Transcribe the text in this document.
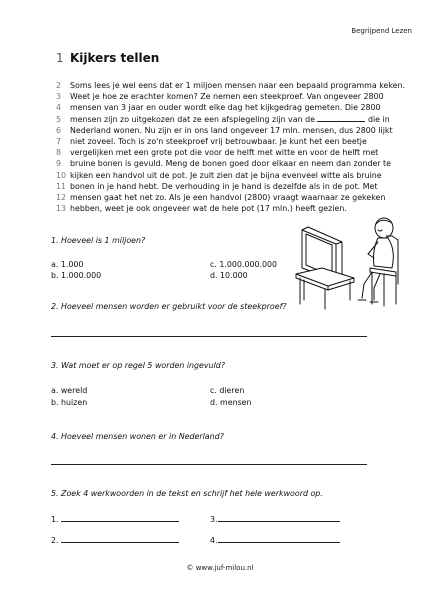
Begrijpend Lezen
1 Kijkers tellen
2	Soms lees je wel eens dat er 1 miljoen mensen naar een bepaald programma keken.
3	Weet je hoe ze erachter komen? Ze nemen een steekproef. Van ongeveer 2800
4	mensen van 3 jaar en ouder wordt elke dag het kijkgedrag gemeten. Die 2800
5	mensen zijn zo uitgekozen dat ze een afspiegeling zijn van de

	die in
6	Nederland wonen. Nu zijn er in ons land ongeveer 17 mln. mensen, dus 2800 lijkt
7	niet zoveel. Toch is zo'n steekproef vrij betrouwbaar. Je kunt het een beetje
8	vergelijken met een grote pot die voor de helft met witte en voor de helft met
9	bruine bonen is gevuld. Meng de bonen goed door elkaar en neem dan zonder te
10 kijken een handvol uit de pot. Je zult zien dat je bijna evenveel witte als bruine
11 bonen in je hand hebt. De verhouding in je hand is dezelfde als in de pot. Met
12 mensen gaat het net zo. Als je een handvol (2800) vraagt waarnaar ze gekeken
13 hebben, weet je ook ongeveer wat de hele pot (17 mln.) heeft gezien.
1. Hoeveel is 1 miljoen?
a. 1.000
b. 1.000.000
c. 1.000.000.000
d. 10.000
2. Hoeveel mensen worden er gebruikt voor de steekproef?
3. Wat moet er op regel 5 worden ingevuld?
a. wereld
b. huizen
c. dieren
d. mensen
4. Hoeveel mensen wonen er in Nederland?
5. Zoek 4 werkwoorden in de tekst en schrijf het hele werkwoord op.
1.	3.
2.	4.
© www.juf-milou.nl
